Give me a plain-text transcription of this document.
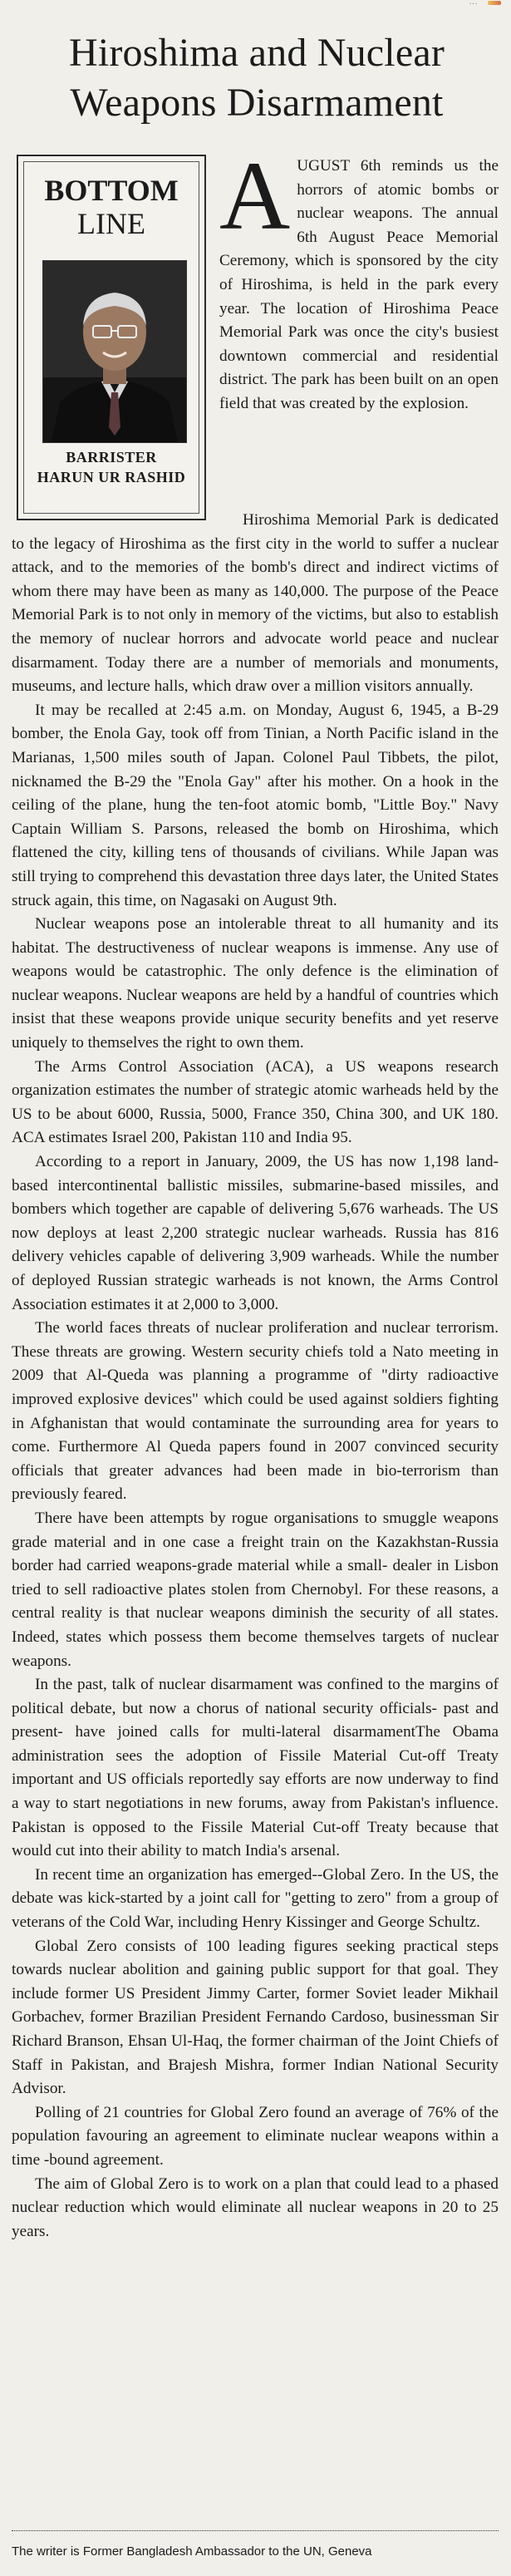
…
Hiroshima and Nuclear Weapons Disarmament
BOTTOM
LINE
BARRISTER
HARUN UR RASHID

AUGUST 6th reminds us the horrors of atomic bombs or nuclear weapons. The annual 6th August Peace Memorial Ceremony, which is sponsored by the city of Hiroshima, is held in the park every year. The location of Hiroshima Peace Memorial Park was once the city's busiest downtown commercial and residential district. The park has been built on an open field that was created by the explosion.

Hiroshima Memorial Park is dedicated to the legacy of Hiroshima as the first city in the world to suffer a nuclear attack, and to the memories of the bomb's direct and indirect victims of whom there may have been as many as 140,000. The purpose of the Peace Memorial Park is to not only in memory of the victims, but also to establish the memory of nuclear horrors and advocate world peace and nuclear disarmament. Today there are a number of memorials and monuments, museums, and lecture halls, which draw over a million visitors annually.

It may be recalled at 2:45 a.m. on Monday, August 6, 1945, a B-29 bomber, the Enola Gay, took off from Tinian, a North Pacific island in the Marianas, 1,500 miles south of Japan. Colonel Paul Tibbets, the pilot, nicknamed the B-29 the "Enola Gay" after his mother. On a hook in the ceiling of the plane, hung the ten-foot atomic bomb, "Little Boy." Navy Captain William S. Parsons, released the bomb on Hiroshima, which flattened the city, killing tens of thousands of civilians. While Japan was still trying to comprehend this devastation three days later, the United States struck again, this time, on Nagasaki on August 9th.

Nuclear weapons pose an intolerable threat to all humanity and its habitat. The destructiveness of nuclear weapons is immense. Any use of weapons would be catastrophic. The only defence is the elimination of nuclear weapons. Nuclear weapons are held by a handful of countries which insist that these weapons provide unique security benefits and yet reserve uniquely to themselves the right to own them.

The Arms Control Association (ACA), a US weapons research organization estimates the number of strategic atomic warheads held by the US to be about 6000, Russia, 5000, France 350, China 300, and UK 180. ACA estimates Israel 200, Pakistan 110 and India 95.

According to a report in January, 2009, the US has now 1,198 land-based intercontinental ballistic missiles, submarine-based missiles, and bombers which together are capable of delivering 5,676 warheads. The US now deploys at least 2,200 strategic nuclear warheads. Russia has 816 delivery vehicles capable of delivering 3,909 warheads. While the number of deployed Russian strategic warheads is not known, the Arms Control Association estimates it at 2,000 to 3,000.

The world faces threats of nuclear proliferation and nuclear terrorism. These threats are growing. Western security chiefs told a Nato meeting in 2009 that Al-Queda was planning a programme of "dirty radioactive improved explosive devices" which could be used against soldiers fighting in Afghanistan that would contaminate the surrounding area for years to come. Furthermore Al Queda papers found in 2007 convinced security officials that greater advances had been made in bio-terrorism than previously feared.

There have been attempts by rogue organisations to smuggle weapons grade material and in one case a freight train on the Kazakhstan-Russia border had carried weapons-grade material while a small- dealer in Lisbon tried to sell radioactive plates stolen from Chernobyl. For these reasons, a central reality is that nuclear weapons diminish the security of all states. Indeed, states which possess them become themselves targets of nuclear weapons.

In the past, talk of nuclear disarmament was confined to the margins of political debate, but now a chorus of national security officials- past and present- have joined calls for multi-lateral disarmamentThe Obama administration sees the adoption of Fissile Material Cut-off Treaty important and US officials reportedly say efforts are now underway to find a way to start negotiations in new forums, away from Pakistan's influence. Pakistan is opposed to the Fissile Material Cut-off Treaty because that would cut into their ability to match India's arsenal.

In recent time an organization has emerged--Global Zero. In the US, the debate was kick-started by a joint call for "getting to zero" from a group of veterans of the Cold War, including Henry Kissinger and George Schultz.

Global Zero consists of 100 leading figures seeking practical steps towards nuclear abolition and gaining public support for that goal. They include former US President Jimmy Carter, former Soviet leader Mikhail Gorbachev, former Brazilian President Fernando Cardoso, businessman Sir Richard Branson, Ehsan Ul-Haq, the former chairman of the Joint Chiefs of Staff in Pakistan, and Brajesh Mishra, former Indian National Security Advisor.

Polling of 21 countries for Global Zero found an average of 76% of the population favouring an agreement to eliminate nuclear weapons within a time -bound agreement.

The aim of Global Zero is to work on a plan that could lead to a phased nuclear reduction which would eliminate all nuclear weapons in 20 to 25 years.

The writer is Former Bangladesh Ambassador to the UN, Geneva
